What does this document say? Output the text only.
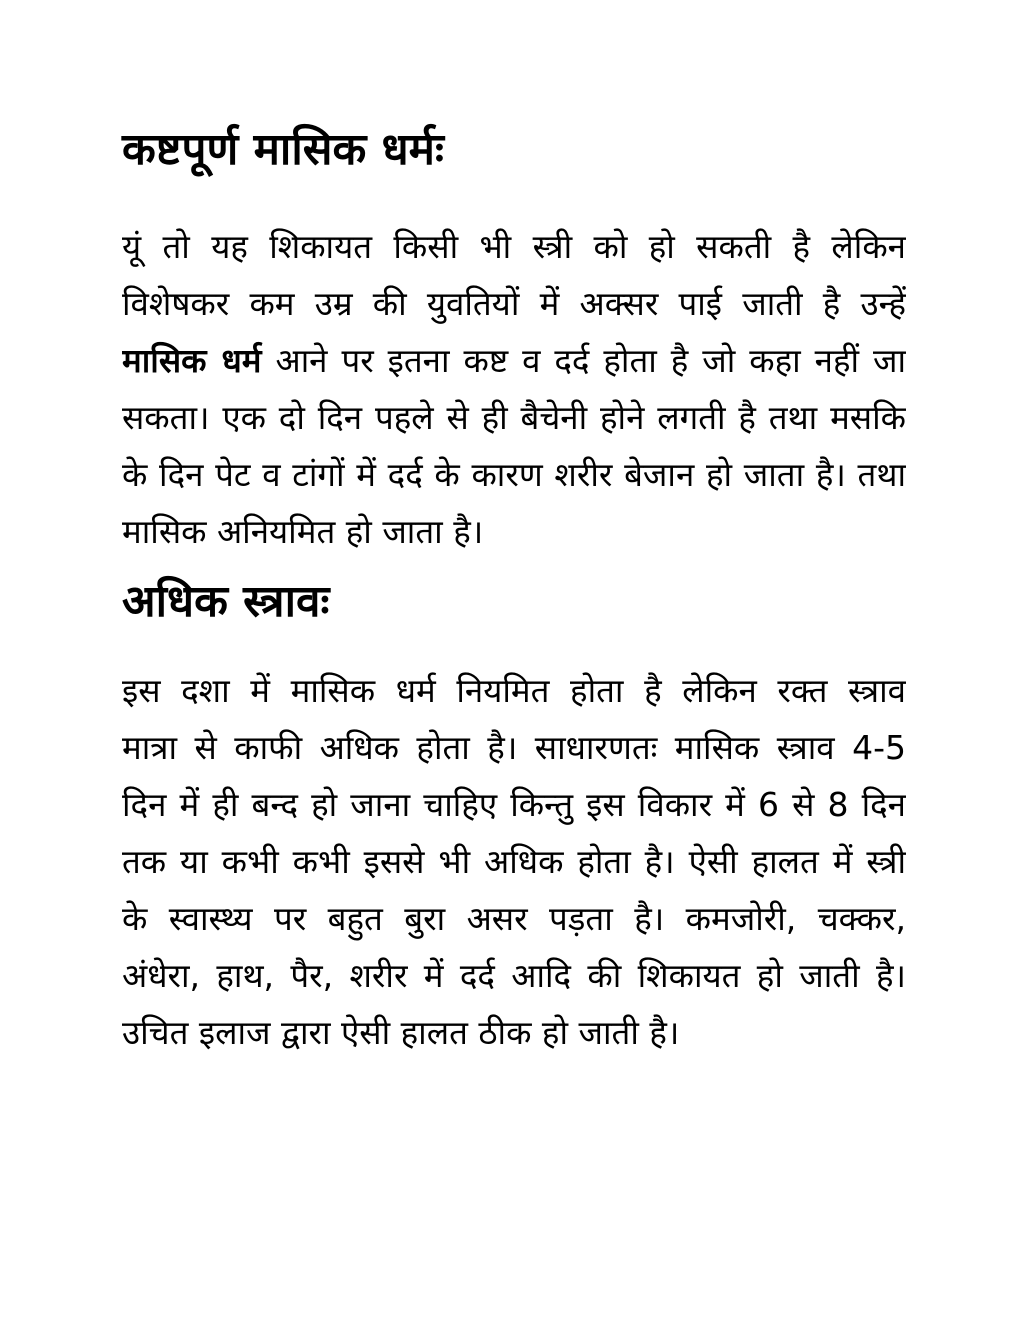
कष्टपूर्ण मासिक धर्मः
यूं तो यह शिकायत किसी भी स्त्री को हो सकती है लेकिन
विशेषकर कम उम्र की युवतियों में अक्सर पाई जाती है उन्हें
मासिक धर्म आने पर इतना कष्ट व दर्द होता है जो कहा नहीं जा
सकता। एक दो दिन पहले से ही बैचेनी होने लगती है तथा मसकि
के दिन पेट व टांगों में दर्द के कारण शरीर बेजान हो जाता है। तथा
मासिक अनियमित हो जाता है।
अधिक स्त्रावः
इस दशा में मासिक धर्म नियमित होता है लेकिन रक्त स्त्राव
मात्रा से काफी अधिक होता है। साधारणतः मासिक स्त्राव 4-5
दिन में ही बन्द हो जाना चाहिए किन्तु इस विकार में 6 से 8 दिन
तक या कभी कभी इससे भी अधिक होता है। ऐसी हालत में स्त्री
के स्वास्थ्य पर बहुत बुरा असर पड़ता है। कमजोरी, चक्कर,
अंधेरा, हाथ, पैर, शरीर में दर्द आदि की शिकायत हो जाती है।
उचित इलाज द्वारा ऐसी हालत ठीक हो जाती है।
